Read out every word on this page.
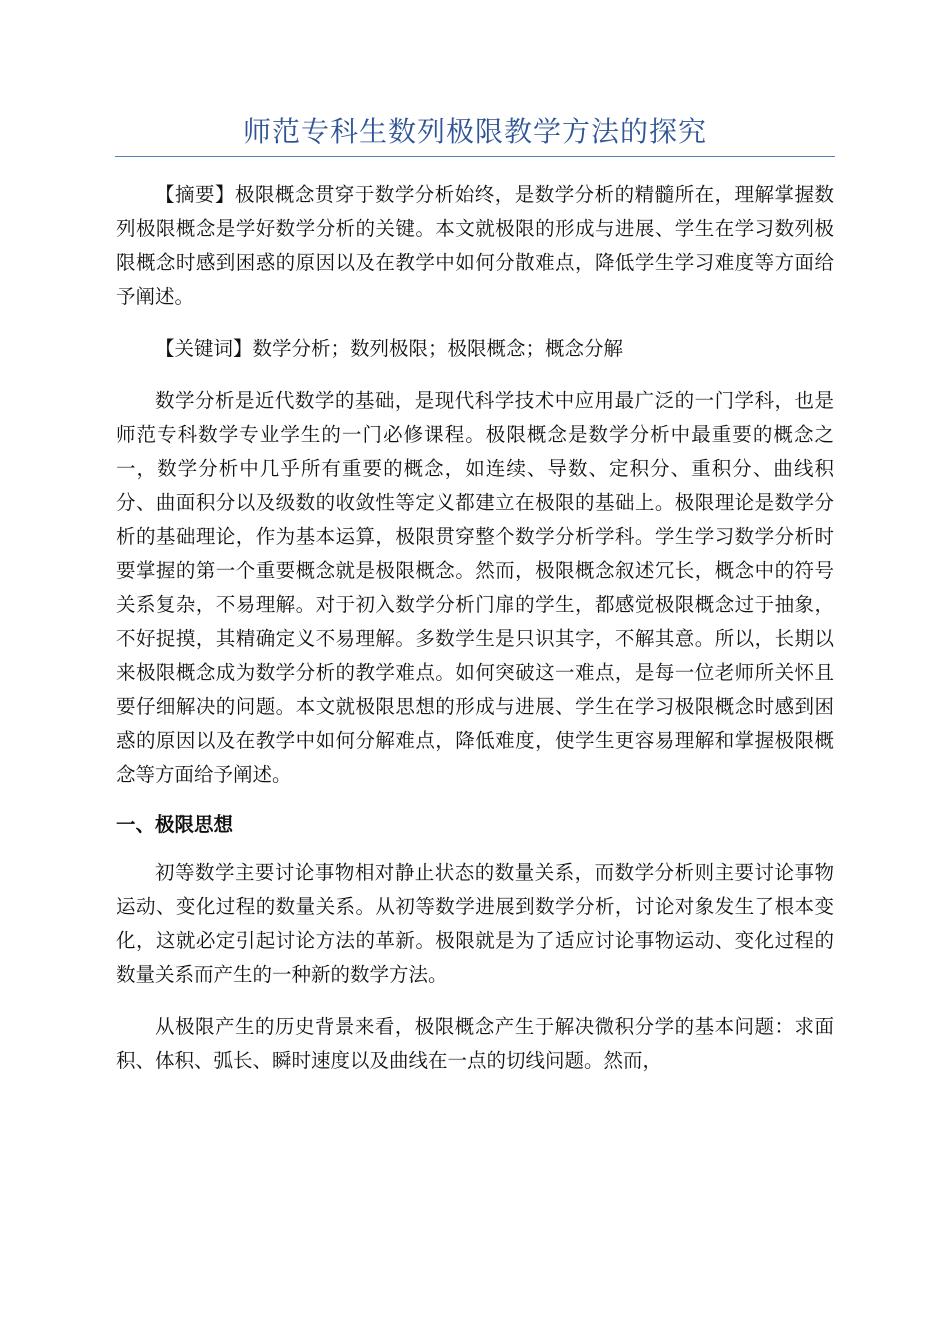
师范专科生数列极限教学方法的探究

【摘要】极限概念贯穿于数学分析始终，是数学分析的精髓所在，理解掌握数列极限概念是学好数学分析的关键。本文就极限的形成与进展、学生在学习数列极限概念时感到困惑的原因以及在教学中如何分散难点，降低学生学习难度等方面给予阐述。

【关键词】数学分析；数列极限；极限概念；概念分解

数学分析是近代数学的基础，是现代科学技术中应用最广泛的一门学科，也是师范专科数学专业学生的一门必修课程。极限概念是数学分析中最重要的概念之一，数学分析中几乎所有重要的概念，如连续、导数、定积分、重积分、曲线积分、曲面积分以及级数的收敛性等定义都建立在极限的基础上。极限理论是数学分析的基础理论，作为基本运算，极限贯穿整个数学分析学科。学生学习数学分析时要掌握的第一个重要概念就是极限概念。然而，极限概念叙述冗长，概念中的符号关系复杂，不易理解。对于初入数学分析门扉的学生，都感觉极限概念过于抽象，不好捉摸，其精确定义不易理解。多数学生是只识其字，不解其意。所以，长期以来极限概念成为数学分析的教学难点。如何突破这一难点，是每一位老师所关怀且要仔细解决的问题。本文就极限思想的形成与进展、学生在学习极限概念时感到困惑的原因以及在教学中如何分解难点，降低难度，使学生更容易理解和掌握极限概念等方面给予阐述。

一、极限思想

初等数学主要讨论事物相对静止状态的数量关系，而数学分析则主要讨论事物运动、变化过程的数量关系。从初等数学进展到数学分析，讨论对象发生了根本变化，这就必定引起讨论方法的革新。极限就是为了适应讨论事物运动、变化过程的数量关系而产生的一种新的数学方法。

从极限产生的历史背景来看，极限概念产生于解决微积分学的基本问题：求面积、体积、弧长、瞬时速度以及曲线在一点的切线问题。然而，
